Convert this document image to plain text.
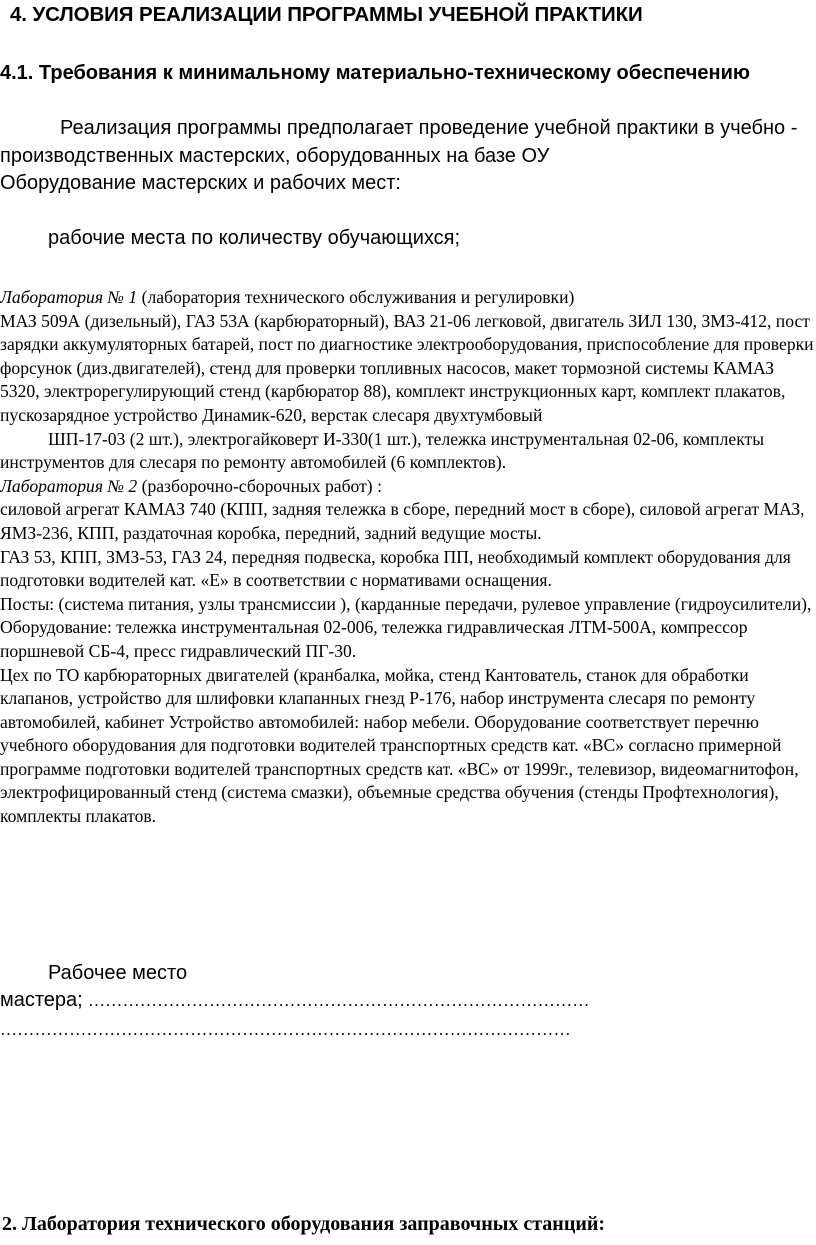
4. УСЛОВИЯ РЕАЛИЗАЦИИ ПРОГРАММЫ УЧЕБНОЙ ПРАКТИКИ
4.1. Требования к минимальному материально-техническому обеспечению
Реализация программы предполагает проведение учебной практики в учебно - производственных мастерских, оборудованных на базе ОУ
Оборудование мастерских и рабочих мест:
рабочие места по количеству обучающихся;

Лаборатория № 1 (лаборатория технического обслуживания и регулировки)

МАЗ 509А (дизельный), ГАЗ 53А (карбюраторный), ВАЗ 21-06 легковой, двигатель ЗИЛ 130, ЗМЗ-412, пост зарядки аккумуляторных батарей, пост по диагностике электрооборудования, приспособление для проверки форсунок (диз.двигателей), стенд для проверки топливных насосов, макет тормозной системы КАМАЗ 5320, электрорегулирующий стенд (карбюратор 88), комплект инструкционных карт, комплект плакатов, пускозарядное устройство Динамик-620, верстак слесаря двухтумбовый

ШП-17-03 (2 шт.), электрогайковерт И-330(1 шт.), тележка инструментальная 02-06, комплекты инструментов для слесаря по ремонту автомобилей (6 комплектов).

Лаборатория № 2 (разборочно-сборочных работ) :

силовой агрегат КАМАЗ 740 (КПП, задняя тележка в сборе, передний мост в сборе), силовой агрегат МАЗ, ЯМЗ-236, КПП, раздаточная коробка, передний, задний ведущие мосты.

ГАЗ 53, КПП, ЗМЗ-53, ГАЗ 24, передняя подвеска, коробка ПП, необходимый комплект оборудования для подготовки водителей кат. «Е» в соответствии с нормативами оснащения.

Посты: (система питания, узлы трансмиссии ), (карданные передачи, рулевое управление (гидроусилители),

Оборудование: тележка инструментальная 02-006, тележка гидравлическая ЛТМ-500А, компрессор поршневой СБ-4, пресс гидравлический ПГ-30.

Цех по ТО карбюраторных двигателей (кранбалка, мойка, стенд Кантователь, станок для обработки клапанов, устройство для шлифовки клапанных гнезд Р-176, набор инструмента слесаря по ремонту автомобилей, кабинет Устройство автомобилей: набор мебели. Оборудование соответствует перечню учебного оборудования для подготовки водителей транспортных средств кат. «ВС» согласно примерной программе подготовки водителей транспортных средств кат. «ВС» от 1999г., телевизор, видеомагнитофон, электрофицированный стенд (система смазки), объемные средства обучения (стенды Профтехнология), комплекты плакатов.

Рабочее место
мастера; ……………………………………………………………………………
………………………………………………………………………………………
2. Лаборатория технического оборудования заправочных станций:
